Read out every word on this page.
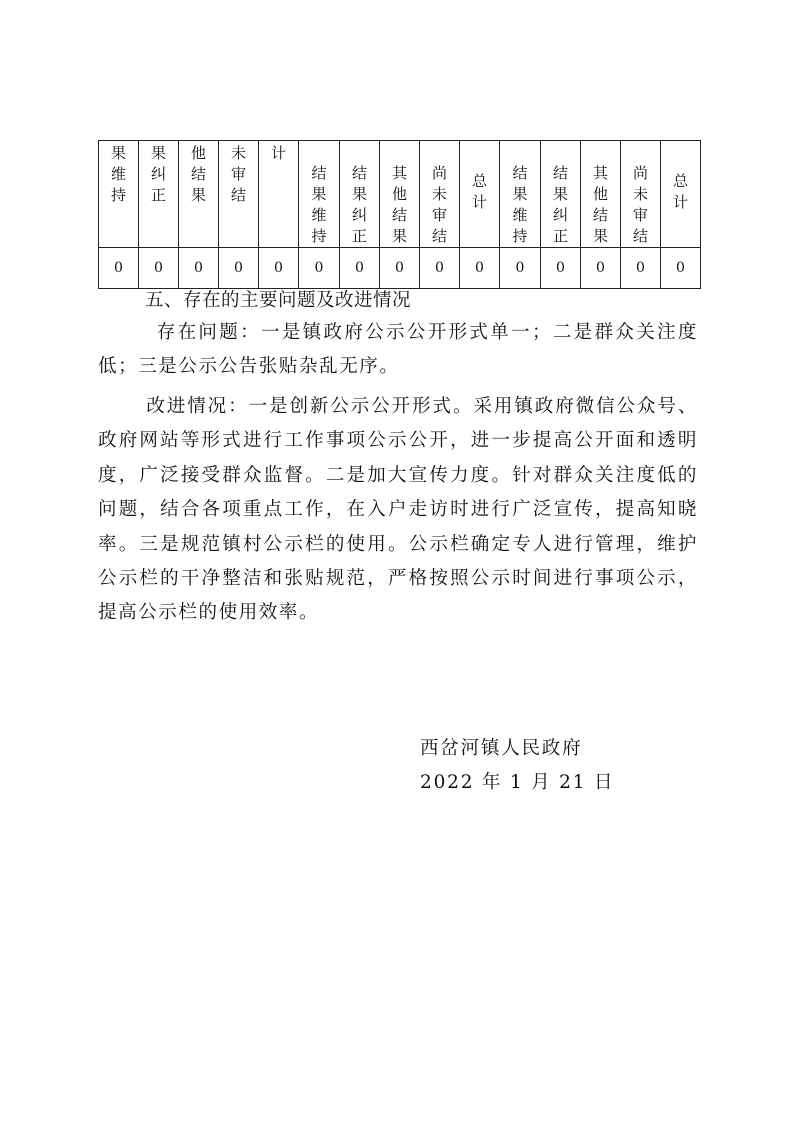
果维持	果纠正	他结果	未审结	计	结果维持	结果纠正	其他结果	尚未审结	总计	结果维持	结果纠正	其他结果	尚未审结	总计

0	0	0	0	0	0	0	0	0	0	0	0	0	0	0
五、存在的主要问题及改进情况
存在问题：一是镇政府公示公开形式单一；二是群众关注度低；三是公示公告张贴杂乱无序。
改进情况：一是创新公示公开形式。采用镇政府微信公众号、政府网站等形式进行工作事项公示公开，进一步提高公开面和透明度，广泛接受群众监督。二是加大宣传力度。针对群众关注度低的问题，结合各项重点工作，在入户走访时进行广泛宣传，提高知晓率。三是规范镇村公示栏的使用。公示栏确定专人进行管理，维护公示栏的干净整洁和张贴规范，严格按照公示时间进行事项公示，提高公示栏的使用效率。
西岔河镇人民政府
2022 年 1 月 21 日
